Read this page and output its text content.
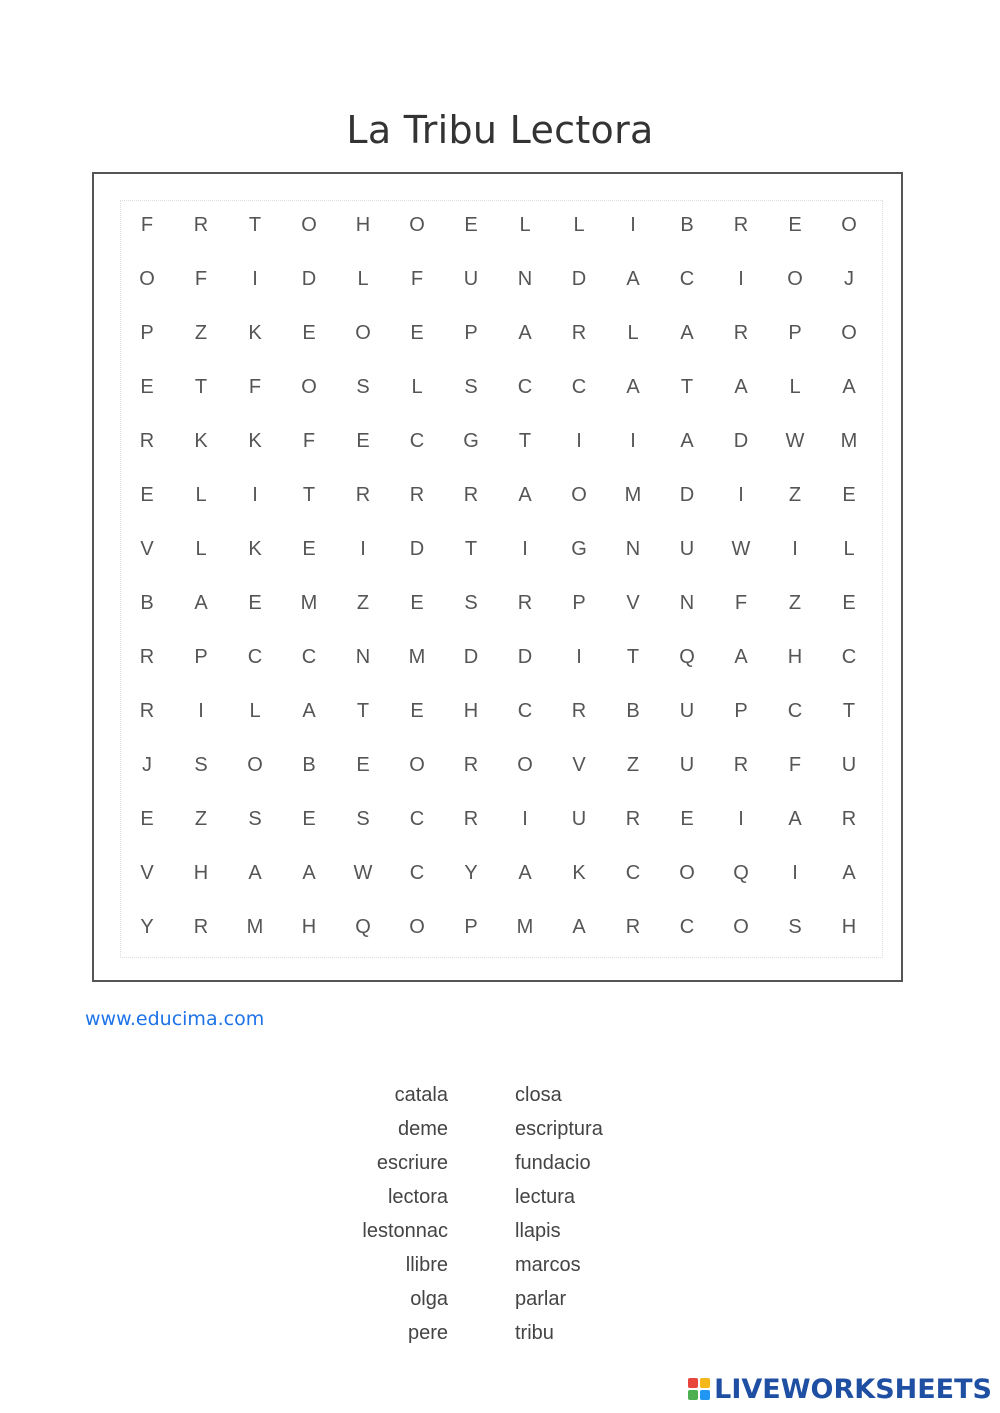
La Tribu Lectora
F	R	T	O	H	O	E	L	L	I	B	R	E	O
O	F	I	D	L	F	U	N	D	A	C	I	O	J
P	Z	K	E	O	E	P	A	R	L	A	R	P	O
E	T	F	O	S	L	S	C	C	A	T	A	L	A
R	K	K	F	E	C	G	T	I	I	A	D	W	M
E	L	I	T	R	R	R	A	O	M	D	I	Z	E
V	L	K	E	I	D	T	I	G	N	U	W	I	L
B	A	E	M	Z	E	S	R	P	V	N	F	Z	E
R	P	C	C	N	M	D	D	I	T	Q	A	H	C
R	I	L	A	T	E	H	C	R	B	U	P	C	T
J	S	O	B	E	O	R	O	V	Z	U	R	F	U
E	Z	S	E	S	C	R	I	U	R	E	I	A	R
V	H	A	A	W	C	Y	A	K	C	O	Q	I	A
Y	R	M	H	Q	O	P	M	A	R	C	O	S	H
www.educima.com
catala
deme
escriure
lectora
lestonnac
llibre
olga
pere
closa
escriptura
fundacio
lectura
llapis
marcos
parlar
tribu
LIVEWORKSHEETS
